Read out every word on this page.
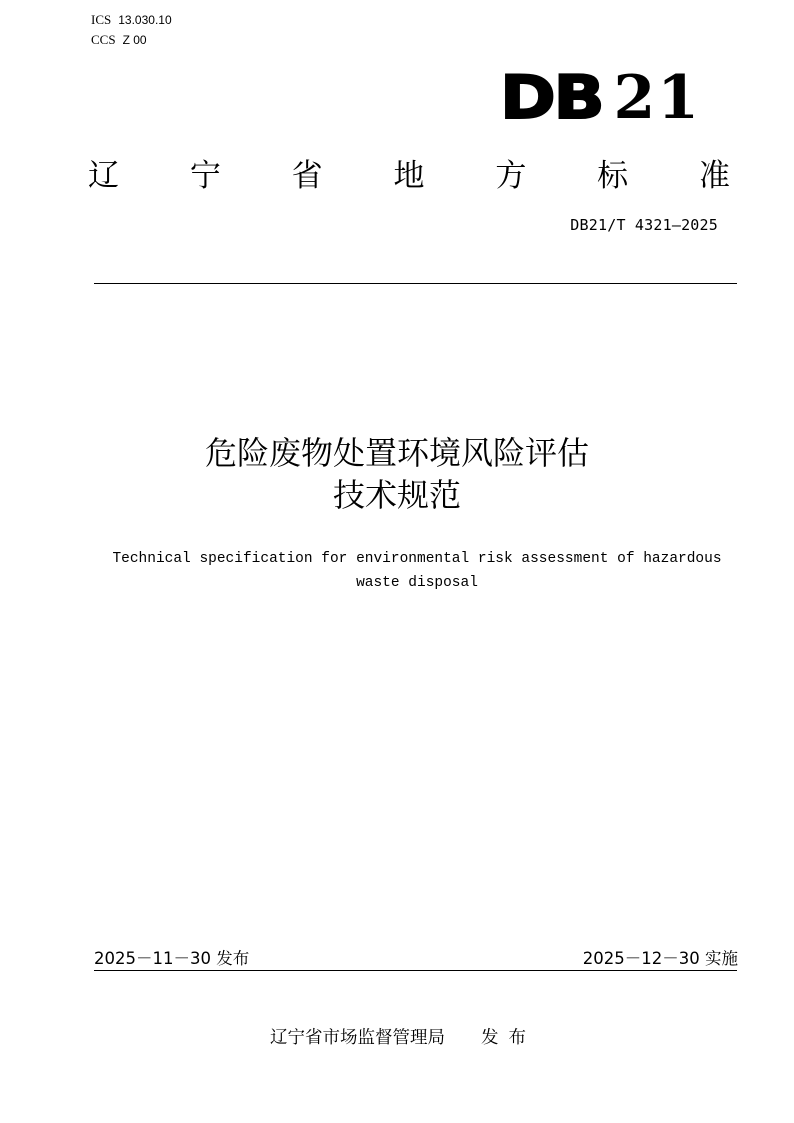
ICS 13.030.10
CCS Z 00
DB 21
辽 宁 省 地 方 标 准
DB21/T 4321—2025
危险废物处置环境风险评估
技术规范
Technical specification for environmental risk assessment of hazardous
waste disposal
2025－11－30 发布	2025－12－30 实施
辽宁省市场监督管理局 发布
